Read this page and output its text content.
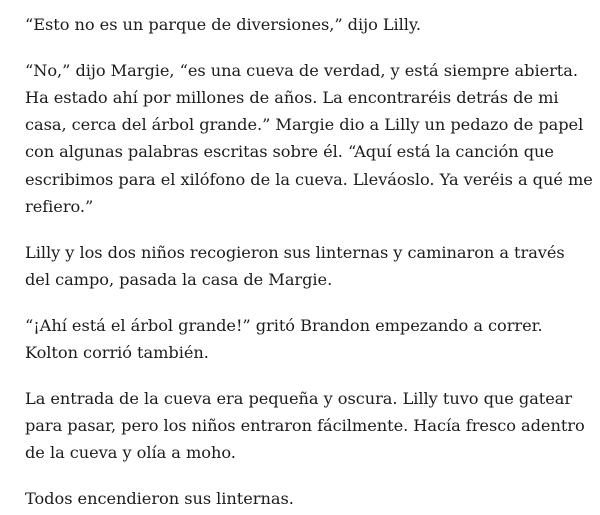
“Esto no es un parque de diversiones,” dijo Lilly.

“No,” dijo Margie, “es una cueva de verdad, y está siempre abierta. Ha estado ahí por millones de años. La encontraréis detrás de mi casa, cerca del árbol grande.” Margie dio a Lilly un pedazo de papel con algunas palabras escritas sobre él. “Aquí está la canción que escribimos para el xilófono de la cueva. Lleváoslo. Ya veréis a qué me refiero.”

Lilly y los dos niños recogieron sus linternas y caminaron a través del campo, pasada la casa de Margie.

“¡Ahí está el árbol grande!” gritó Brandon empezando a correr. Kolton corrió también.

La entrada de la cueva era pequeña y oscura. Lilly tuvo que gatear para pasar, pero los niños entraron fácilmente. Hacía fresco adentro de la cueva y olía a moho.

Todos encendieron sus linternas.
